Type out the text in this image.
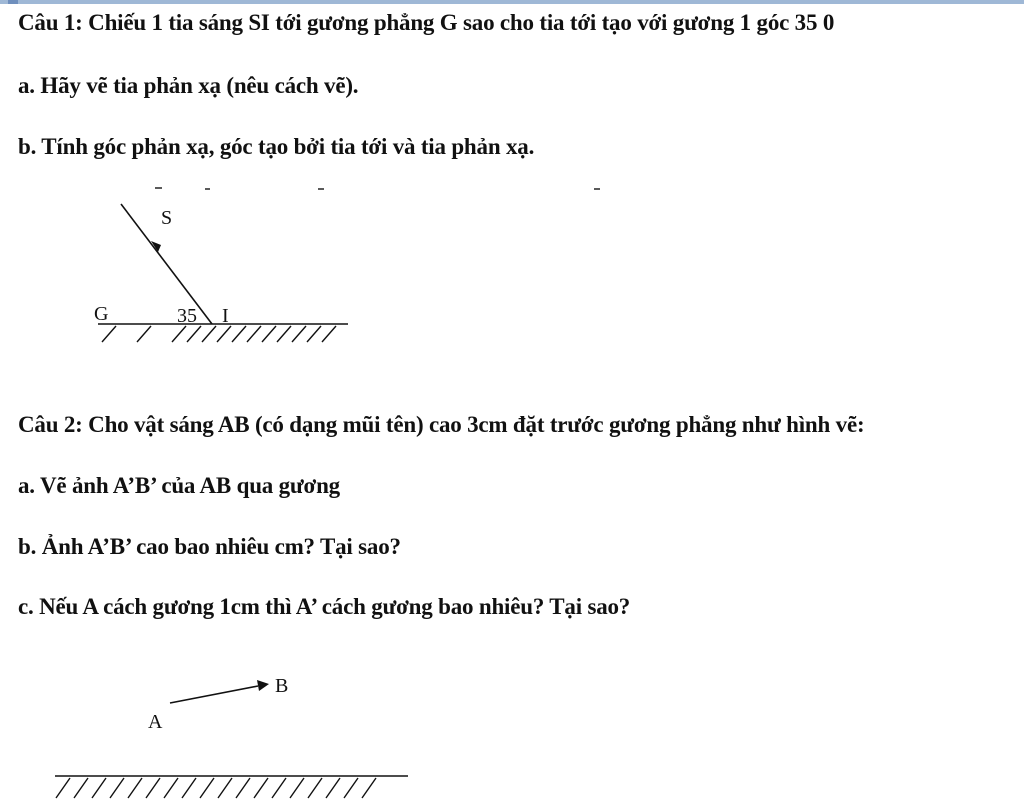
Câu 1: Chiếu 1 tia sáng SI tới gương phẳng G sao cho tia tới tạo với gương 1 góc 35 0
a. Hãy vẽ tia phản xạ (nêu cách vẽ).
b. Tính góc phản xạ, góc tạo bởi tia tới và tia phản xạ.
Câu 2: Cho vật sáng AB (có dạng mũi tên) cao 3cm đặt trước gương phẳng như hình vẽ:
a. Vẽ ảnh A’B’ của AB qua gương
b. Ảnh A’B’ cao bao nhiêu cm? Tại sao?
c. Nếu A cách gương 1cm thì A’ cách gương bao nhiêu? Tại sao?
S
G	35 I
A
B
